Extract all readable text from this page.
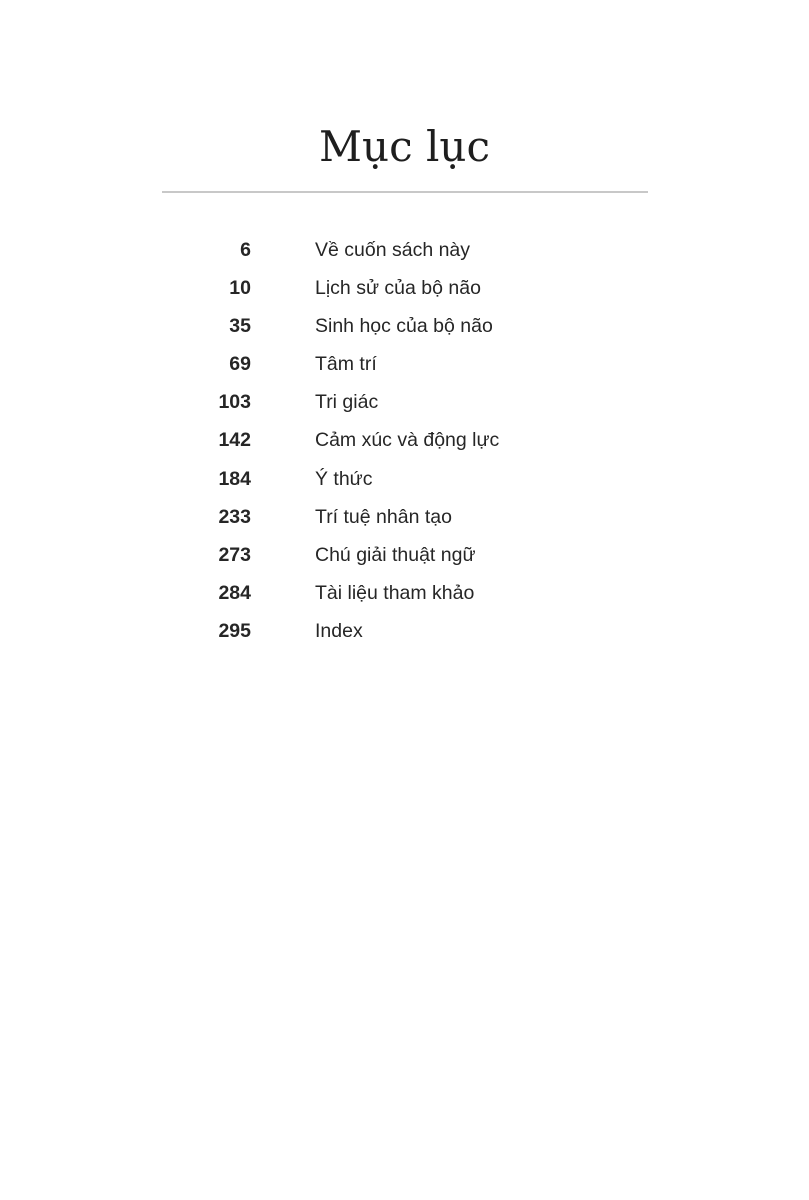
Mục lục
6	Về cuốn sách này
10	Lịch sử của bộ não
35	Sinh học của bộ não
69	Tâm trí
103	Tri giác
142	Cảm xúc và động lực
184	Ý thức
233	Trí tuệ nhân tạo
273	Chú giải thuật ngữ
284	Tài liệu tham khảo
295	Index
